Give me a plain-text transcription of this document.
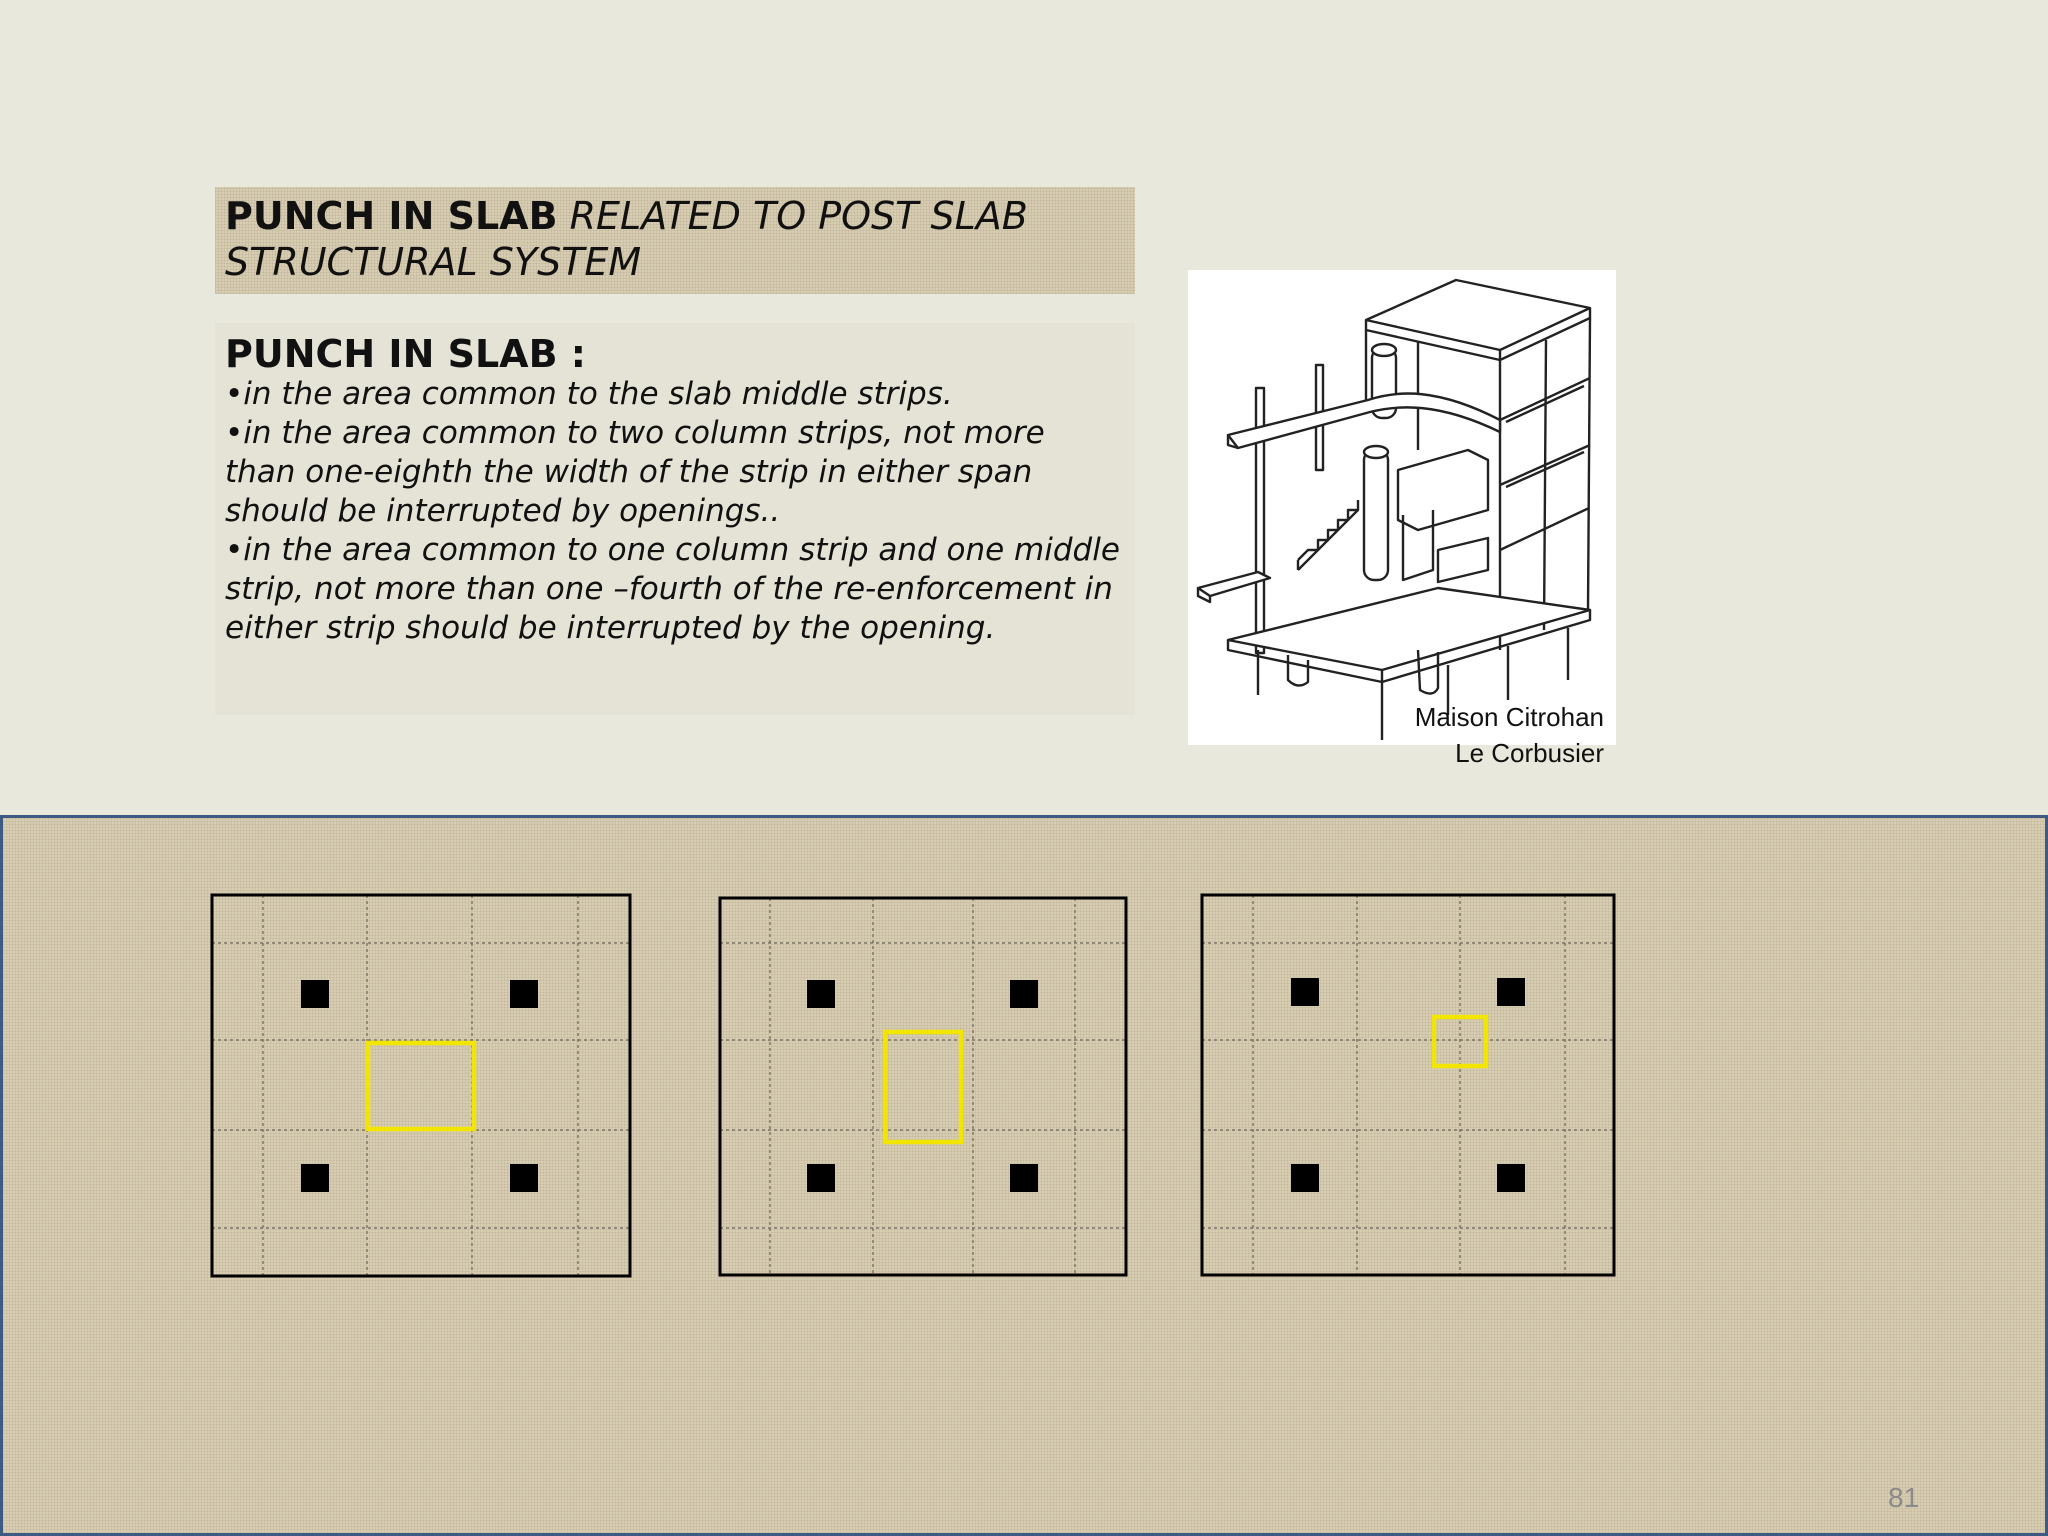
PUNCH IN SLAB RELATED TO POST SLAB
STRUCTURAL SYSTEM
PUNCH IN SLAB :

•in the area common to the slab middle strips.

•in the area common to two column strips, not more than one-eighth the width of the strip in either span should be interrupted by openings..

•in the area common to one column strip and one middle strip, not more than one –fourth of the re-enforcement in either strip should be interrupted by the opening.

Maison Citrohan
Le Corbusier
81
